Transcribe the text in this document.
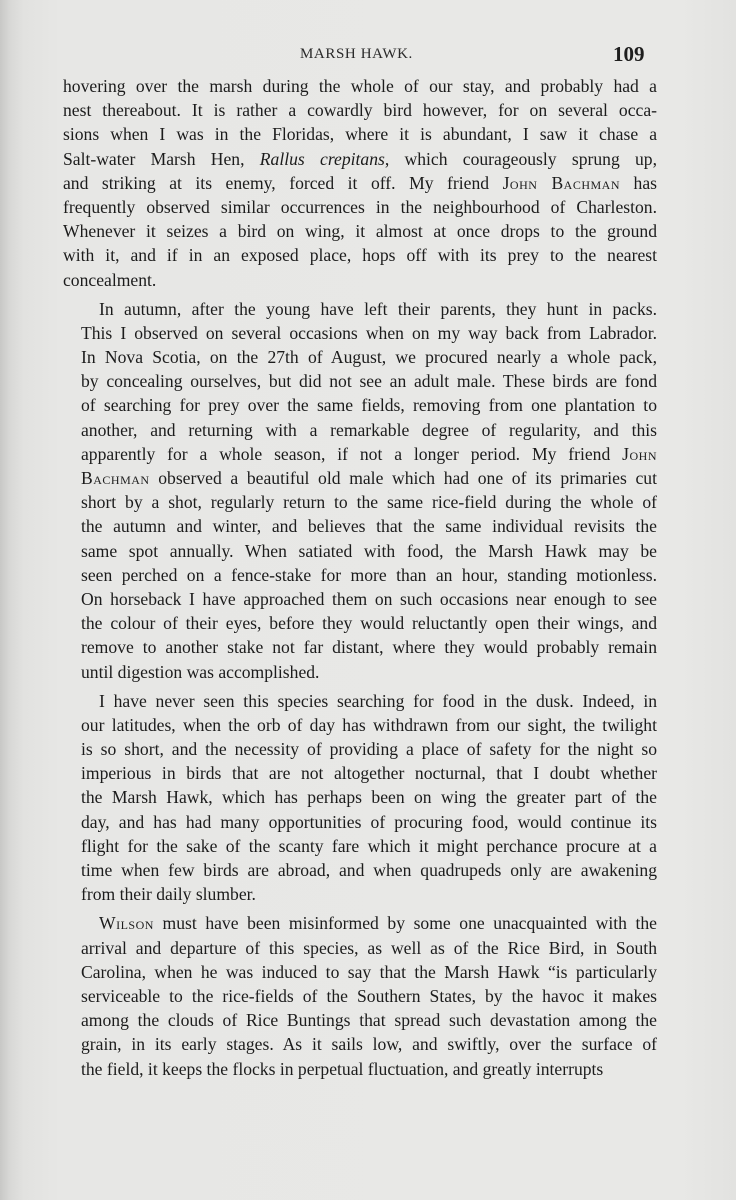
MARSH HAWK.	109
hovering over the marsh during the whole of our stay, and probably had a
nest thereabout. It is rather a cowardly bird however, for on several occa-
sions when I was in the Floridas, where it is abundant, I saw it chase a
Salt-water Marsh Hen, Rallus crepitans, which courageously sprung up,
and striking at its enemy, forced it off. My friend John Bachman has
frequently observed similar occurrences in the neighbourhood of Charleston.
Whenever it seizes a bird on wing, it almost at once drops to the ground
with it, and if in an exposed place, hops off with its prey to the nearest
concealment.
In autumn, after the young have left their parents, they hunt in packs.
This I observed on several occasions when on my way back from Labrador.
In Nova Scotia, on the 27th of August, we procured nearly a whole pack,
by concealing ourselves, but did not see an adult male. These birds are fond
of searching for prey over the same fields, removing from one plantation to
another, and returning with a remarkable degree of regularity, and this
apparently for a whole season, if not a longer period. My friend John
Bachman observed a beautiful old male which had one of its primaries cut
short by a shot, regularly return to the same rice-field during the whole of
the autumn and winter, and believes that the same individual revisits the
same spot annually. When satiated with food, the Marsh Hawk may be
seen perched on a fence-stake for more than an hour, standing motionless.
On horseback I have approached them on such occasions near enough to see
the colour of their eyes, before they would reluctantly open their wings, and
remove to another stake not far distant, where they would probably remain
until digestion was accomplished.
I have never seen this species searching for food in the dusk. Indeed, in
our latitudes, when the orb of day has withdrawn from our sight, the twilight
is so short, and the necessity of providing a place of safety for the night so
imperious in birds that are not altogether nocturnal, that I doubt whether
the Marsh Hawk, which has perhaps been on wing the greater part of the
day, and has had many opportunities of procuring food, would continue its
flight for the sake of the scanty fare which it might perchance procure at a
time when few birds are abroad, and when quadrupeds only are awakening
from their daily slumber.
Wilson must have been misinformed by some one unacquainted with the
arrival and departure of this species, as well as of the Rice Bird, in South
Carolina, when he was induced to say that the Marsh Hawk “is particularly
serviceable to the rice-fields of the Southern States, by the havoc it makes
among the clouds of Rice Buntings that spread such devastation among the
grain, in its early stages. As it sails low, and swiftly, over the surface of
the field, it keeps the flocks in perpetual fluctuation, and greatly interrupts
